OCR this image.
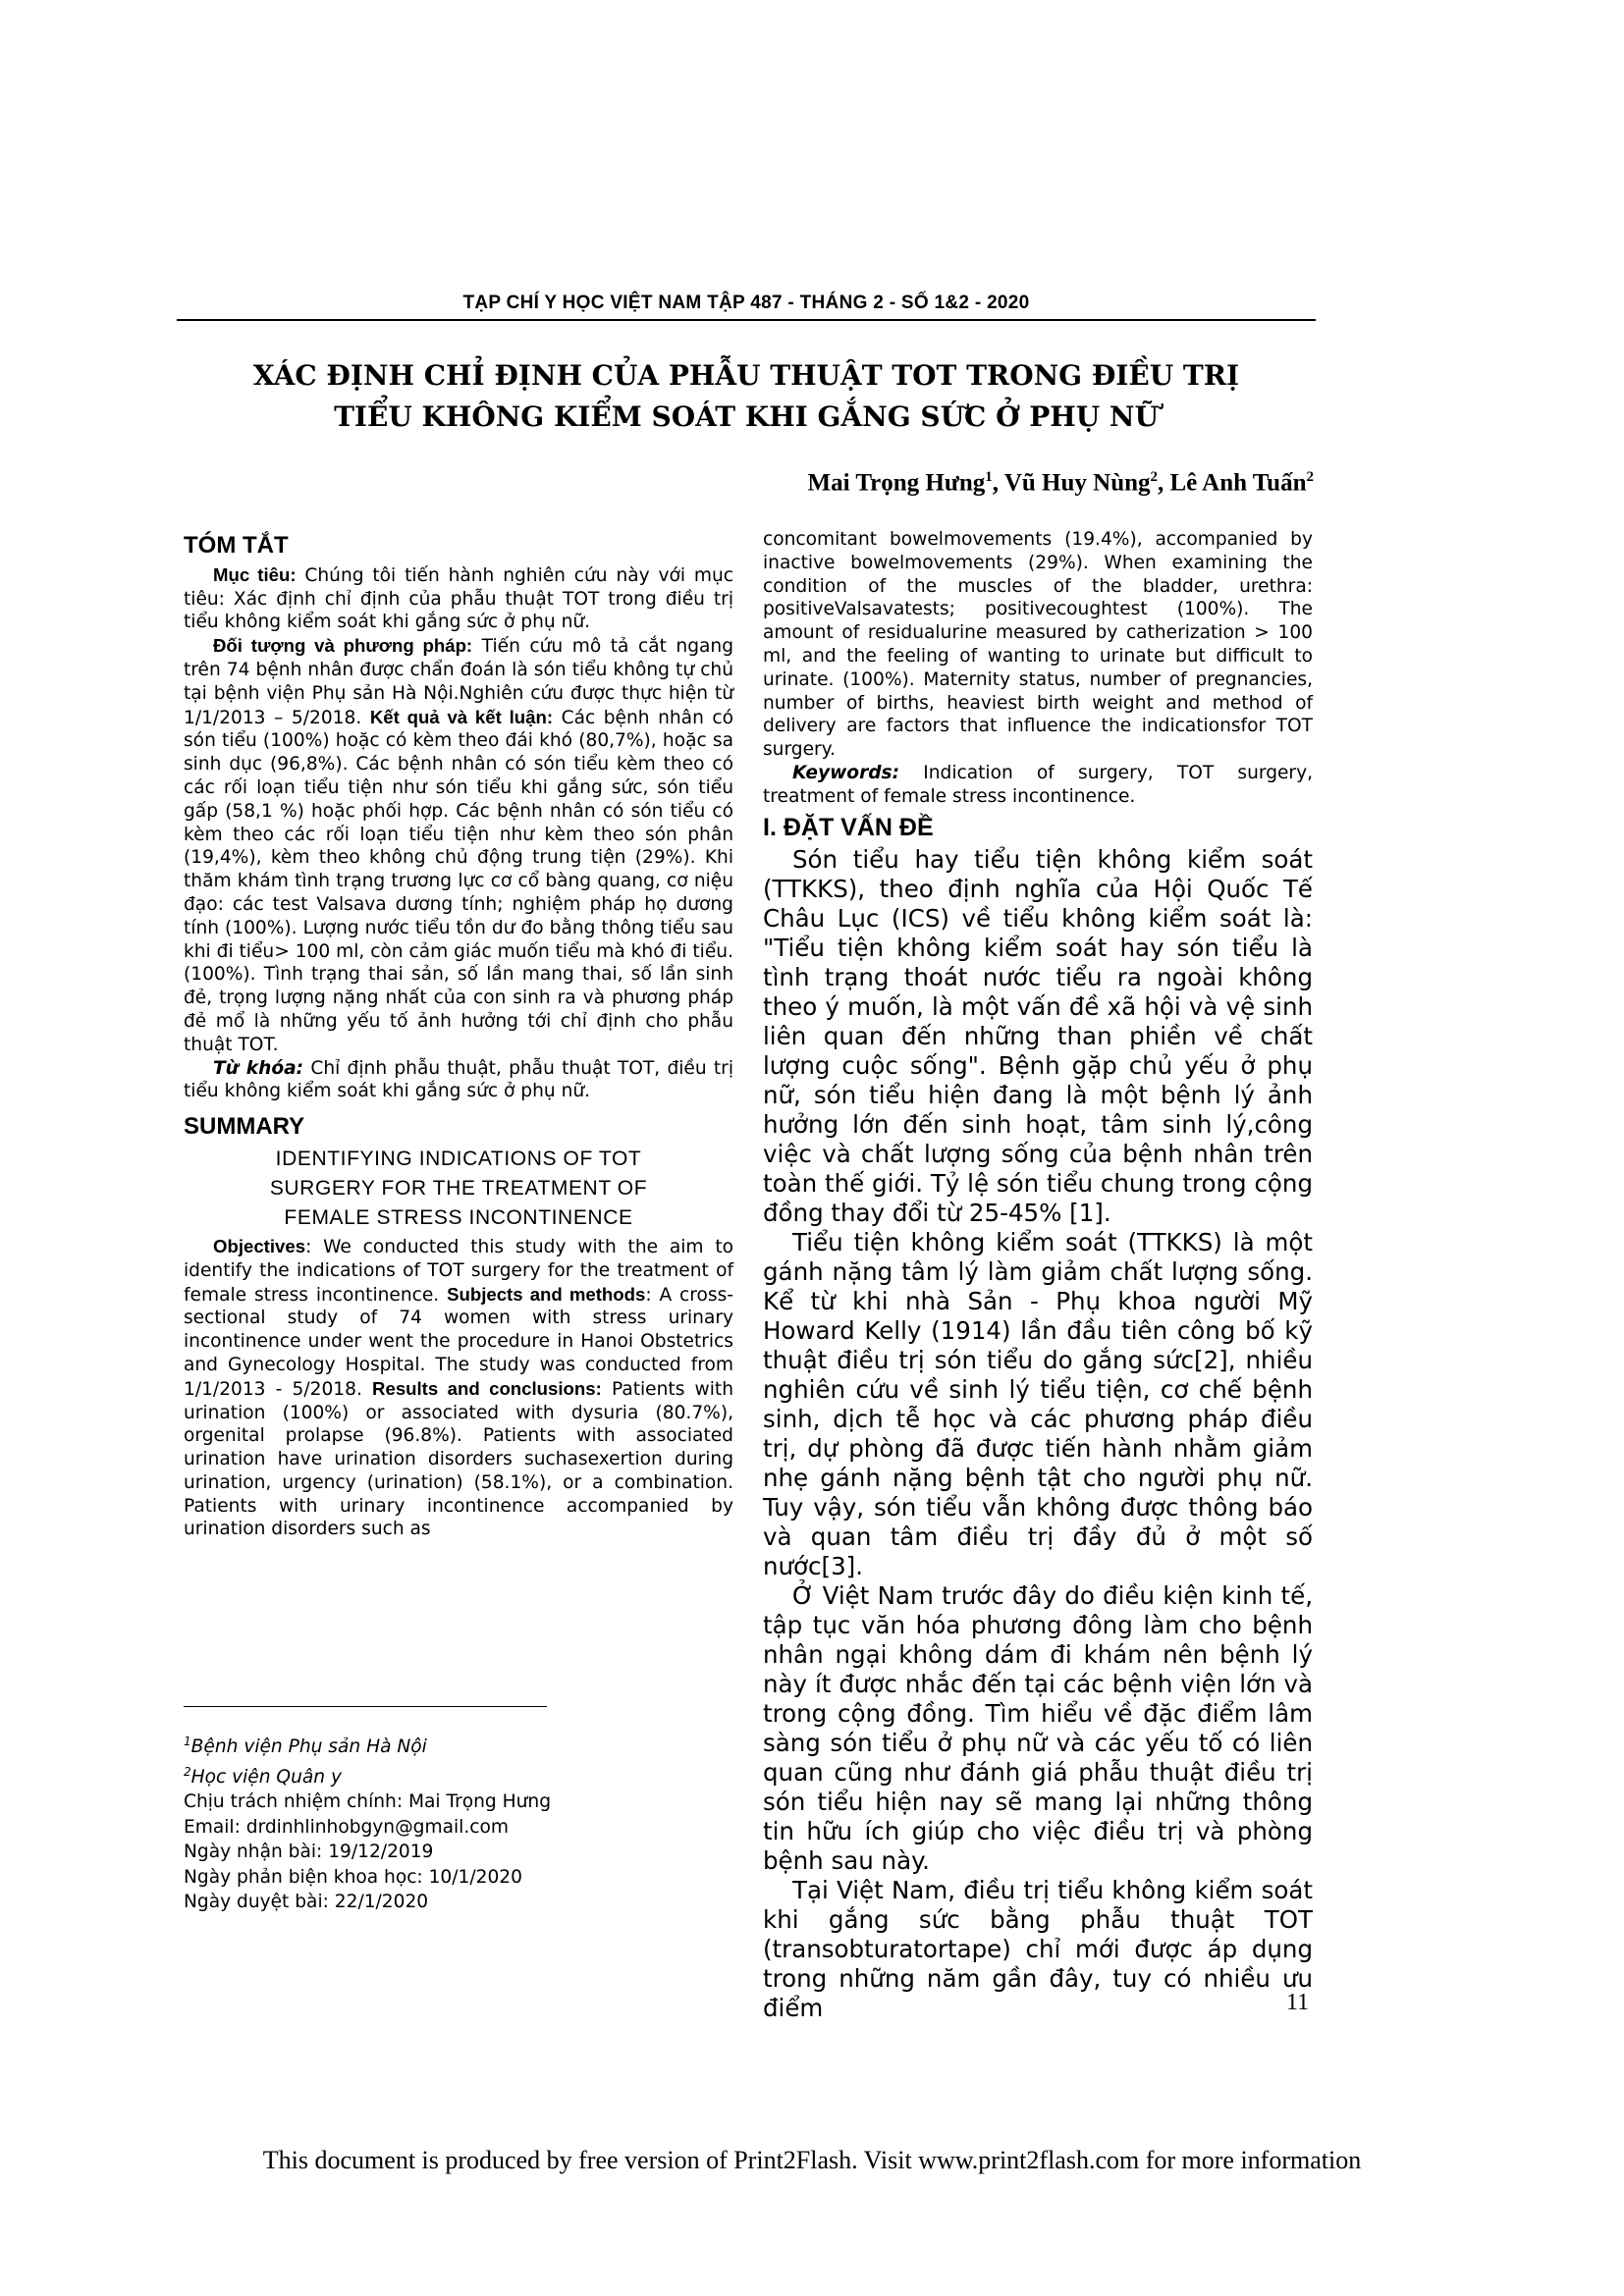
TẠP CHÍ Y HỌC VIỆT NAM TẬP 487 - THÁNG 2 - SỐ 1&2 - 2020
XÁC ĐỊNH CHỈ ĐỊNH CỦA PHẪU THUẬT TOT TRONG ĐIỀU TRỊ
TIỂU KHÔNG KIỂM SOÁT KHI GẮNG SỨC Ở PHỤ NỮ
Mai Trọng Hưng$^1$, Vũ Huy Nùng$^2$, Lê Anh Tuấn$^2$
TÓM TẮT

Mục tiêu: Chúng tôi tiến hành nghiên cứu này với mục tiêu: Xác định chỉ định của phẫu thuật TOT trong điều trị tiểu không kiểm soát khi gắng sức ở phụ nữ.

Đối tượng và phương pháp: Tiến cứu mô tả cắt ngang trên 74 bệnh nhân được chẩn đoán là són tiểu không tự chủ tại bệnh viện Phụ sản Hà Nội.Nghiên cứu được thực hiện từ 1/1/2013 – 5/2018. Kết quả và kết luận: Các bệnh nhân có són tiểu (100%) hoặc có kèm theo đái khó (80,7%), hoặc sa sinh dục (96,8%). Các bệnh nhân có són tiểu kèm theo có các rối loạn tiểu tiện như són tiểu khi gắng sức, són tiểu gấp (58,1 %) hoặc phối hợp. Các bệnh nhân có són tiểu có kèm theo các rối loạn tiểu tiện như kèm theo són phân (19,4%), kèm theo không chủ động trung tiện (29%). Khi thăm khám tình trạng trương lực cơ cổ bàng quang, cơ niệu đạo: các test Valsava dương tính; nghiệm pháp họ dương tính (100%). Lượng nước tiểu tồn dư đo bằng thông tiểu sau khi đi tiểu> 100 ml, còn cảm giác muốn tiểu mà khó đi tiểu. (100%). Tình trạng thai sản, số lần mang thai, số lần sinh đẻ, trọng lượng nặng nhất của con sinh ra và phương pháp đẻ mổ là những yếu tố ảnh hưởng tới chỉ định cho phẫu thuật TOT.

Từ khóa: Chỉ định phẫu thuật, phẫu thuật TOT, điều trị tiểu không kiểm soát khi gắng sức ở phụ nữ.

SUMMARY
IDENTIFYING INDICATIONS OF TOT
SURGERY FOR THE TREATMENT OF
FEMALE STRESS INCONTINENCE

Objectives: We conducted this study with the aim to identify the indications of TOT surgery for the treatment of female stress incontinence. Subjects and methods: A cross-sectional study of 74 women with stress urinary incontinence under went the procedure in Hanoi Obstetrics and Gynecology Hospital. The study was conducted from 1/1/2013 - 5/2018. Results and conclusions: Patients with urination (100%) or associated with dysuria (80.7%), orgenital prolapse (96.8%). Patients with associated urination have urination disorders suchasexertion during urination, urgency (urination) (58.1%), or a combination. Patients with urinary incontinence accompanied by urination disorders such as

$^1$Bệnh viện Phụ sản Hà Nội
$^2$Học viện Quân y
Chịu trách nhiệm chính: Mai Trọng Hưng
Email: drdinhlinhobgyn@gmail.com
Ngày nhận bài: 19/12/2019
Ngày phản biện khoa học: 10/1/2020
Ngày duyệt bài: 22/1/2020

concomitant bowelmovements (19.4%), accompanied by inactive bowelmovements (29%). When examining the condition of the muscles of the bladder, urethra: positiveValsavatests; positivecoughtest (100%). The amount of residualurine measured by catherization > 100 ml, and the feeling of wanting to urinate but difficult to urinate. (100%). Maternity status, number of pregnancies, number of births, heaviest birth weight and method of delivery are factors that influence the indicationsfor TOT surgery.

Keywords: Indication of surgery, TOT surgery, treatment of female stress incontinence.

I. ĐẶT VẤN ĐỀ

Són tiểu hay tiểu tiện không kiểm soát (TTKKS), theo định nghĩa của Hội Quốc Tế Châu Lục (ICS) về tiểu không kiểm soát là: "Tiểu tiện không kiểm soát hay són tiểu là tình trạng thoát nước tiểu ra ngoài không theo ý muốn, là một vấn đề xã hội và vệ sinh liên quan đến những than phiền về chất lượng cuộc sống". Bệnh gặp chủ yếu ở phụ nữ, són tiểu hiện đang là một bệnh lý ảnh hưởng lớn đến sinh hoạt, tâm sinh lý,công việc và chất lượng sống của bệnh nhân trên toàn thế giới. Tỷ lệ són tiểu chung trong cộng đồng thay đổi từ 25-45% [1].

Tiểu tiện không kiểm soát (TTKKS) là một gánh nặng tâm lý làm giảm chất lượng sống. Kể từ khi nhà Sản - Phụ khoa người Mỹ Howard Kelly (1914) lần đầu tiên công bố kỹ thuật điều trị són tiểu do gắng sức[2], nhiều nghiên cứu về sinh lý tiểu tiện, cơ chế bệnh sinh, dịch tễ học và các phương pháp điều trị, dự phòng đã được tiến hành nhằm giảm nhẹ gánh nặng bệnh tật cho người phụ nữ. Tuy vậy, són tiểu vẫn không được thông báo và quan tâm điều trị đầy đủ ở một số nước[3].

Ở Việt Nam trước đây do điều kiện kinh tế, tập tục văn hóa phương đông làm cho bệnh nhân ngại không dám đi khám nên bệnh lý này ít được nhắc đến tại các bệnh viện lớn và trong cộng đồng. Tìm hiểu về đặc điểm lâm sàng són tiểu ở phụ nữ và các yếu tố có liên quan cũng như đánh giá phẫu thuật điều trị són tiểu hiện nay sẽ mang lại những thông tin hữu ích giúp cho việc điều trị và phòng bệnh sau này.

Tại Việt Nam, điều trị tiểu không kiểm soát khi gắng sức bằng phẫu thuật TOT (transobturatortape) chỉ mới được áp dụng trong những năm gần đây, tuy có nhiều ưu điểm	11
This document is produced by free version of Print2Flash. Visit www.print2flash.com for more information
